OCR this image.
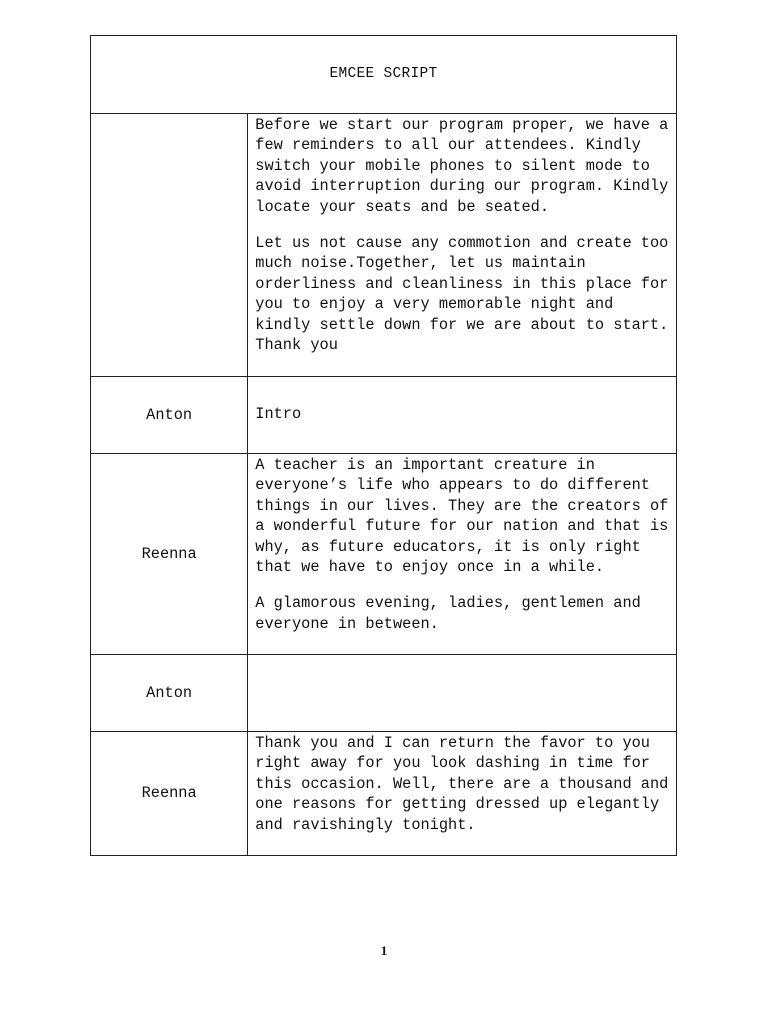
EMCEE SCRIPT	

	Before we start our program proper, we have a few reminders to all our attendees. Kindly switch your mobile phones to silent mode to avoid interruption during our program. Kindly locate your seats and be seated.

Let us not cause any commotion and create too much noise.Together, let us maintain orderliness and cleanliness in this place for you to enjoy a very memorable night and kindly settle down for we are about to start. Thank you

Anton	Intro

Reenna	A teacher is an important creature in everyone’s life who appears to do different things in our lives. They are the creators of a wonderful future for our nation and that is why, as future educators, it is only right that we have to enjoy once in a while.

A glamorous evening, ladies, gentlemen and everyone in between.

Anton	
Reenna	Thank you and I can return the favor to you right away for you look dashing in time for this occasion. Well, there are a thousand and one reasons for getting dressed up elegantly and ravishingly tonight.

1
